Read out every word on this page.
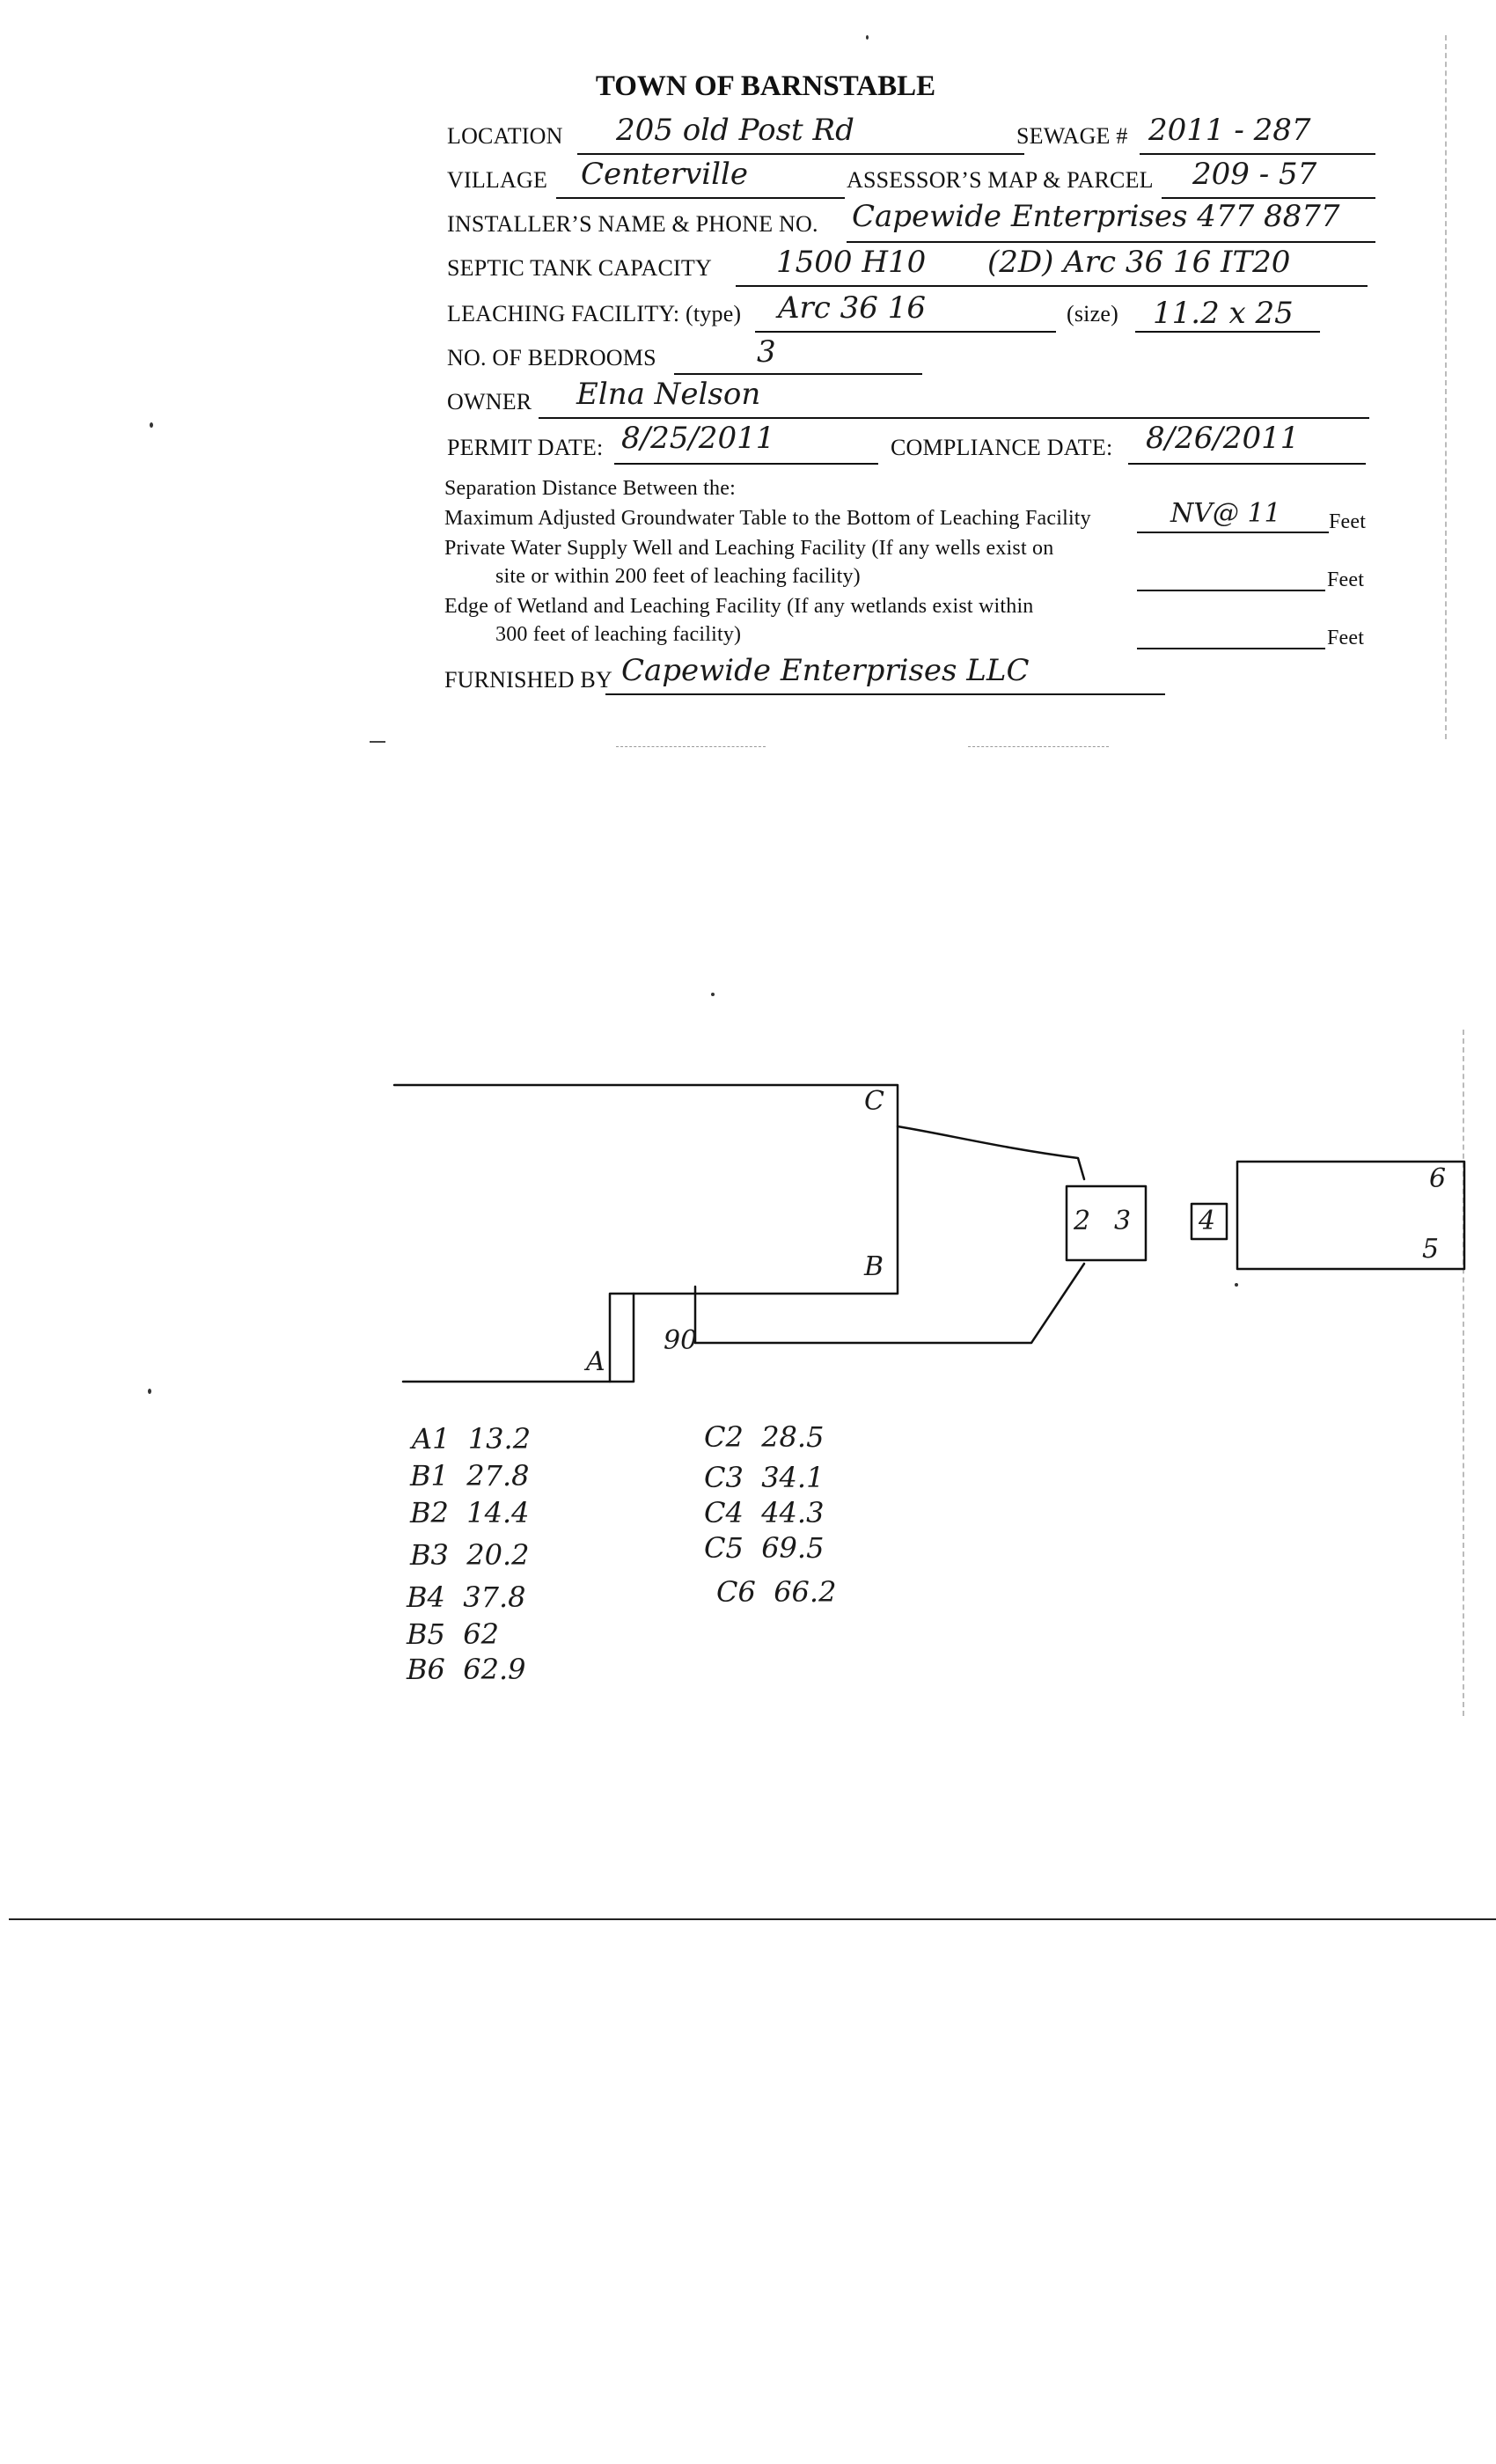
TOWN OF BARNSTABLE
LOCATION 205 old Post Rd	SEWAGE # 2011 - 287
VILLAGE Centerville	ASSESSOR’S MAP & PARCEL 209 - 57
INSTALLER’S NAME & PHONE NO. Capewide Enterprises 477 8877
SEPTIC TANK CAPACITY 1500 H10 (2D) Arc 36 16 IT20
LEACHING FACILITY: (type) Arc 36 16	(size) 11.2 x 25
NO. OF BEDROOMS	3
OWNER Elna Nelson
PERMIT DATE: 8/25/2011	COMPLIANCE DATE: 8/26/2011
Separation Distance Between the:
Maximum Adjusted Groundwater Table to the Bottom of Leaching Facility	NV@ 11 Feet
Private Water Supply Well and Leaching Facility (If any wells exist on
site or within 200 feet of leaching facility)	Feet
Edge of Wetland and Leaching Facility (If any wetlands exist within
300 feet of leaching facility)	Feet
FURNISHED BY Capewide Enterprises LLC
C
B
A
90
2 3	4
6
5
A1 13.2
B1 27.8
B2 14.4
B3 20.2
B4 37.8
B5 62
B6 62.9
C2 28.5
C3 34.1
C4 44.3
C5 69.5
C6 66.2
